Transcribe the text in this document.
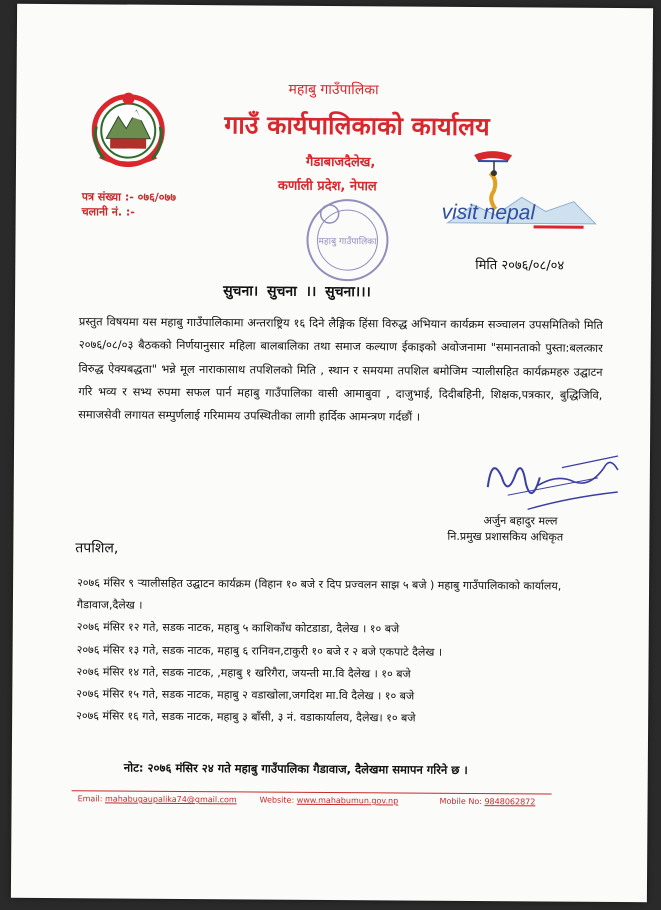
महाबु गाउँपालिका
गाउँ कार्यपालिकाको कार्यालय
गैडाबाजदैलेख,
कर्णाली प्रदेश, नेपाल
पत्र संख्या :- ०७६/०७७
चलानी नं. :-	visit nepal
महाबु गाउँपालिका
मिति २०७६/०८/०४
सुचना। सुचना ।। सुचना।।।
प्रस्तुत विषयमा यस महाबु गाउँपालिकामा अन्तराष्ट्रिय १६ दिने लैङ्गिक हिंसा विरुद्ध अभियान कार्यक्रम सञ्चालन उपसमितिको मिति २०७६/०८/०३ बैठकको निर्णयानुसार महिला बालबालिका तथा समाज कल्याण ईकाइको अवोजनामा "समानताको पुस्ता:बलत्कार विरुद्ध ऐक्यबद्धता" भन्ने मूल नाराकासाथ तपशिलको मिति , स्थान र समयमा तपशिल बमोजिम र्‍यालीसहित कार्यक्रमहरु उद्घाटन गरि भव्य र सभ्य रुपमा सफल पार्न महाबु गाउँपालिका वासी आमाबुवा , दाजुभाई, दिदीबहिनी, शिक्षक,पत्रकार, बुद्धिजिवि, समाजसेवी लगायत सम्पुर्णलाई गरिमामय उपस्थितीका लागी हार्दिक आमन्त्रण गर्दछौं ।
अर्जुन बहादुर मल्ल
नि.प्रमुख प्रशासकिय अधिकृत
तपशिल,
२०७६ मंसिर ९ र्‍यालीसहित उद्घाटन कार्यक्रम (विहान १० बजे र दिप प्रज्वलन साझ ५ बजे ) महाबु गाउँपालिकाको कार्यालय, गैडावाज,दैलेख ।
२०७६ मंसिर १२ गते, सडक नाटक, महाबु ५ काशिकाँध कोटडाडा, दैलेख । १० बजे
२०७६ मंसिर १३ गते, सडक नाटक, महाबु ६ रानिवन,टाकुरी १० बजे र २ बजे एकपाटे दैलेख ।
२०७६ मंसिर १४ गते, सडक नाटक, ,महाबु १ खरिगैरा, जयन्ती मा.वि दैलेख । १० बजे
२०७६ मंसिर १५ गते, सडक नाटक, महाबु २ वडाखोला,जगदिश मा.वि दैलेख । १० बजे
२०७६ मंसिर १६ गते, सडक नाटक, महाबु ३ बाँसी, ३ नं. वडाकार्यालय, दैलेख। १० बजे
नोट: २०७६ मंसिर २४ गते महाबु गाउँपालिका गैडावाज, दैलेखमा समापन गरिने छ ।
Email: mahabugaupalika74@gmail.com	Website: www.mahabumun.gov.np	Mobile No: 9848062872
